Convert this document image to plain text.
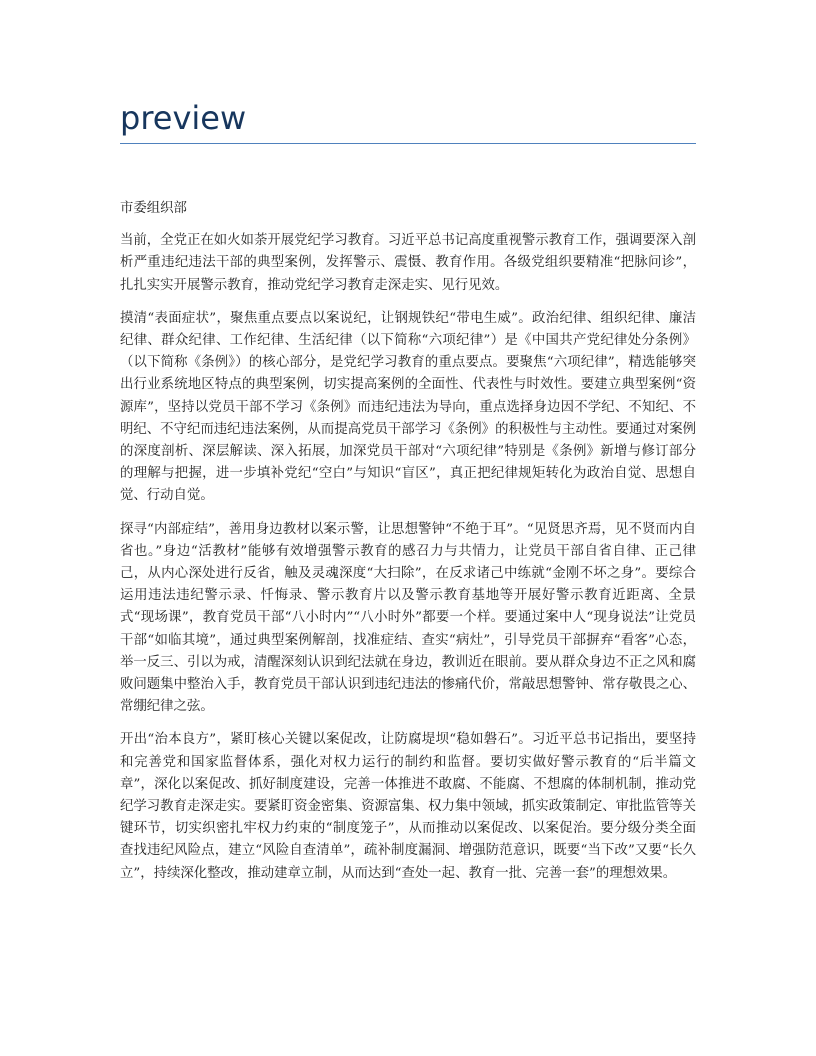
preview

市委组织部

当前，全党正在如火如荼开展党纪学习教育。习近平总书记高度重视警示教育工作，强调要深入剖析严重违纪违法干部的典型案例，发挥警示、震慑、教育作用。各级党组织要精准“把脉问诊”，扎扎实实开展警示教育，推动党纪学习教育走深走实、见行见效。

摸清“表面症状”，聚焦重点要点以案说纪，让钢规铁纪“带电生威”。政治纪律、组织纪律、廉洁纪律、群众纪律、工作纪律、生活纪律（以下简称“六项纪律”）是《中国共产党纪律处分条例》（以下简称《条例》）的核心部分，是党纪学习教育的重点要点。要聚焦“六项纪律”，精选能够突出行业系统地区特点的典型案例，切实提高案例的全面性、代表性与时效性。要建立典型案例“资源库”，坚持以党员干部不学习《条例》而违纪违法为导向，重点选择身边因不学纪、不知纪、不明纪、不守纪而违纪违法案例，从而提高党员干部学习《条例》的积极性与主动性。要通过对案例的深度剖析、深层解读、深入拓展，加深党员干部对“六项纪律”特别是《条例》新增与修订部分的理解与把握，进一步填补党纪“空白”与知识“盲区”，真正把纪律规矩转化为政治自觉、思想自觉、行动自觉。

探寻“内部症结”，善用身边教材以案示警，让思想警钟“不绝于耳”。“见贤思齐焉，见不贤而内自省也。”身边“活教材”能够有效增强警示教育的感召力与共情力，让党员干部自省自律、正己律己，从内心深处进行反省，触及灵魂深度“大扫除”，在反求诸己中练就“金刚不坏之身”。要综合运用违法违纪警示录、忏悔录、警示教育片以及警示教育基地等开展好警示教育近距离、全景式“现场课”，教育党员干部“八小时内”“八小时外”都要一个样。要通过案中人“现身说法”让党员干部“如临其境”，通过典型案例解剖，找准症结、查实“病灶”，引导党员干部摒弃“看客”心态，举一反三、引以为戒，清醒深刻认识到纪法就在身边，教训近在眼前。要从群众身边不正之风和腐败问题集中整治入手，教育党员干部认识到违纪违法的惨痛代价，常敲思想警钟、常存敬畏之心、常绷纪律之弦。

开出“治本良方”，紧盯核心关键以案促改，让防腐堤坝“稳如磐石”。习近平总书记指出，要坚持和完善党和国家监督体系，强化对权力运行的制约和监督。要切实做好警示教育的“后半篇文章”，深化以案促改、抓好制度建设，完善一体推进不敢腐、不能腐、不想腐的体制机制，推动党纪学习教育走深走实。要紧盯资金密集、资源富集、权力集中领域，抓实政策制定、审批监管等关键环节，切实织密扎牢权力约束的“制度笼子”，从而推动以案促改、以案促治。要分级分类全面查找违纪风险点，建立“风险自查清单”，疏补制度漏洞、增强防范意识，既要“当下改”又要“长久立”，持续深化整改，推动建章立制，从而达到“查处一起、教育一批、完善一套”的理想效果。
